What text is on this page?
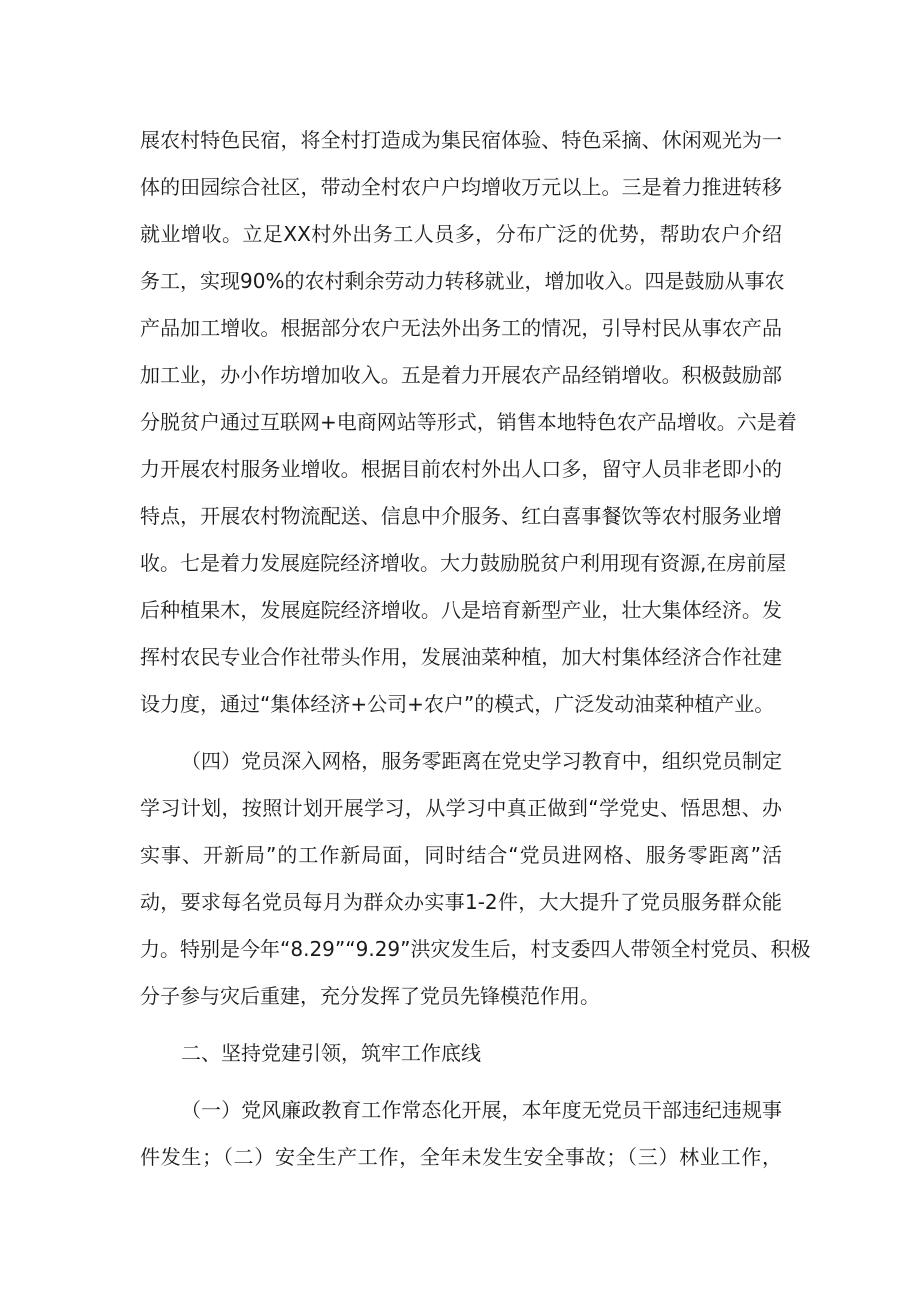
展农村特色民宿，将全村打造成为集民宿体验、特色采摘、休闲观光为一
体的田园综合社区，带动全村农户户均增收万元以上。三是着力推进转移
就业增收。立足XX村外出务工人员多，分布广泛的优势，帮助农户介绍
务工，实现90%的农村剩余劳动力转移就业，增加收入。四是鼓励从事农
产品加工增收。根据部分农户无法外出务工的情况，引导村民从事农产品
加工业，办小作坊增加收入。五是着力开展农产品经销增收。积极鼓励部
分脱贫户通过互联网+电商网站等形式，销售本地特色农产品增收。六是着
力开展农村服务业增收。根据目前农村外出人口多，留守人员非老即小的
特点，开展农村物流配送、信息中介服务、红白喜事餐饮等农村服务业增
收。七是着力发展庭院经济增收。大力鼓励脱贫户利用现有资源,在房前屋
后种植果木，发展庭院经济增收。八是培育新型产业，壮大集体经济。发
挥村农民专业合作社带头作用，发展油菜种植，加大村集体经济合作社建
设力度，通过“集体经济+公司+农户”的模式，广泛发动油菜种植产业。
（四）党员深入网格，服务零距离在党史学习教育中，组织党员制定
学习计划，按照计划开展学习，从学习中真正做到“学党史、悟思想、办
实事、开新局”的工作新局面，同时结合“党员进网格、服务零距离”活
动，要求每名党员每月为群众办实事1-2件，大大提升了党员服务群众能
力。特别是今年“8.29”“9.29”洪灾发生后，村支委四人带领全村党员、积极
分子参与灾后重建，充分发挥了党员先锋模范作用。
二、坚持党建引领，筑牢工作底线
（一）党风廉政教育工作常态化开展，本年度无党员干部违纪违规事
件发生；（二）安全生产工作，全年未发生安全事故；（三）林业工作，
